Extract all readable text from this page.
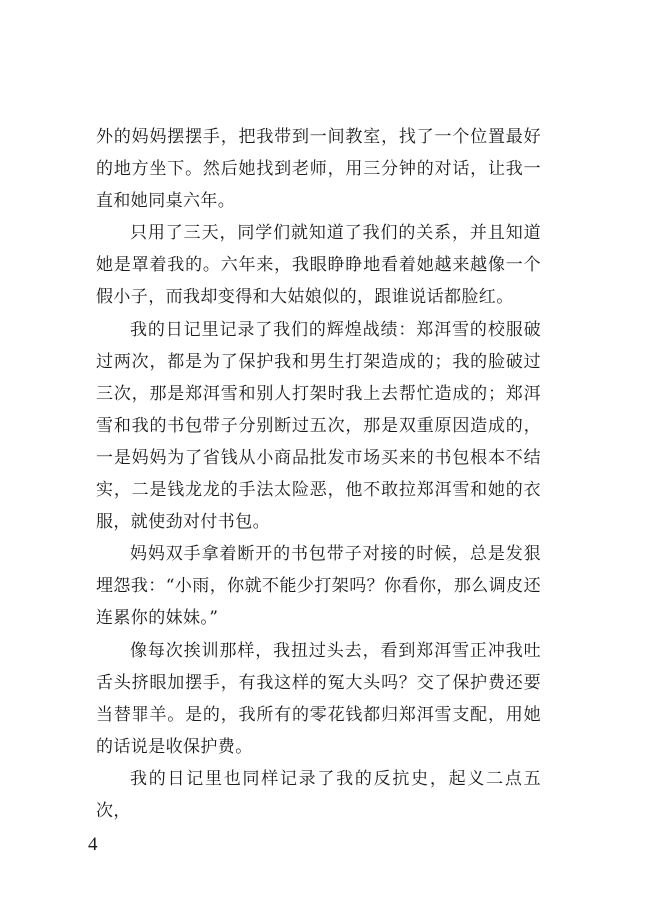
外的妈妈摆摆手，把我带到一间教室，找了一个位置最好的地方坐下。然后她找到老师，用三分钟的对话，让我一直和她同桌六年。

只用了三天，同学们就知道了我们的关系，并且知道她是罩着我的。六年来，我眼睁睁地看着她越来越像一个假小子，而我却变得和大姑娘似的，跟谁说话都脸红。

我的日记里记录了我们的辉煌战绩：郑洱雪的校服破过两次，都是为了保护我和男生打架造成的；我的脸破过三次，那是郑洱雪和别人打架时我上去帮忙造成的；郑洱雪和我的书包带子分别断过五次，那是双重原因造成的，一是妈妈为了省钱从小商品批发市场买来的书包根本不结实，二是钱龙龙的手法太险恶，他不敢拉郑洱雪和她的衣服，就使劲对付书包。

妈妈双手拿着断开的书包带子对接的时候，总是发狠埋怨我：“小雨，你就不能少打架吗？你看你，那么调皮还连累你的妹妹。”

像每次挨训那样，我扭过头去，看到郑洱雪正冲我吐舌头挤眼加摆手，有我这样的冤大头吗？交了保护费还要当替罪羊。是的，我所有的零花钱都归郑洱雪支配，用她的话说是收保护费。

我的日记里也同样记录了我的反抗史，起义二点五次，

4
